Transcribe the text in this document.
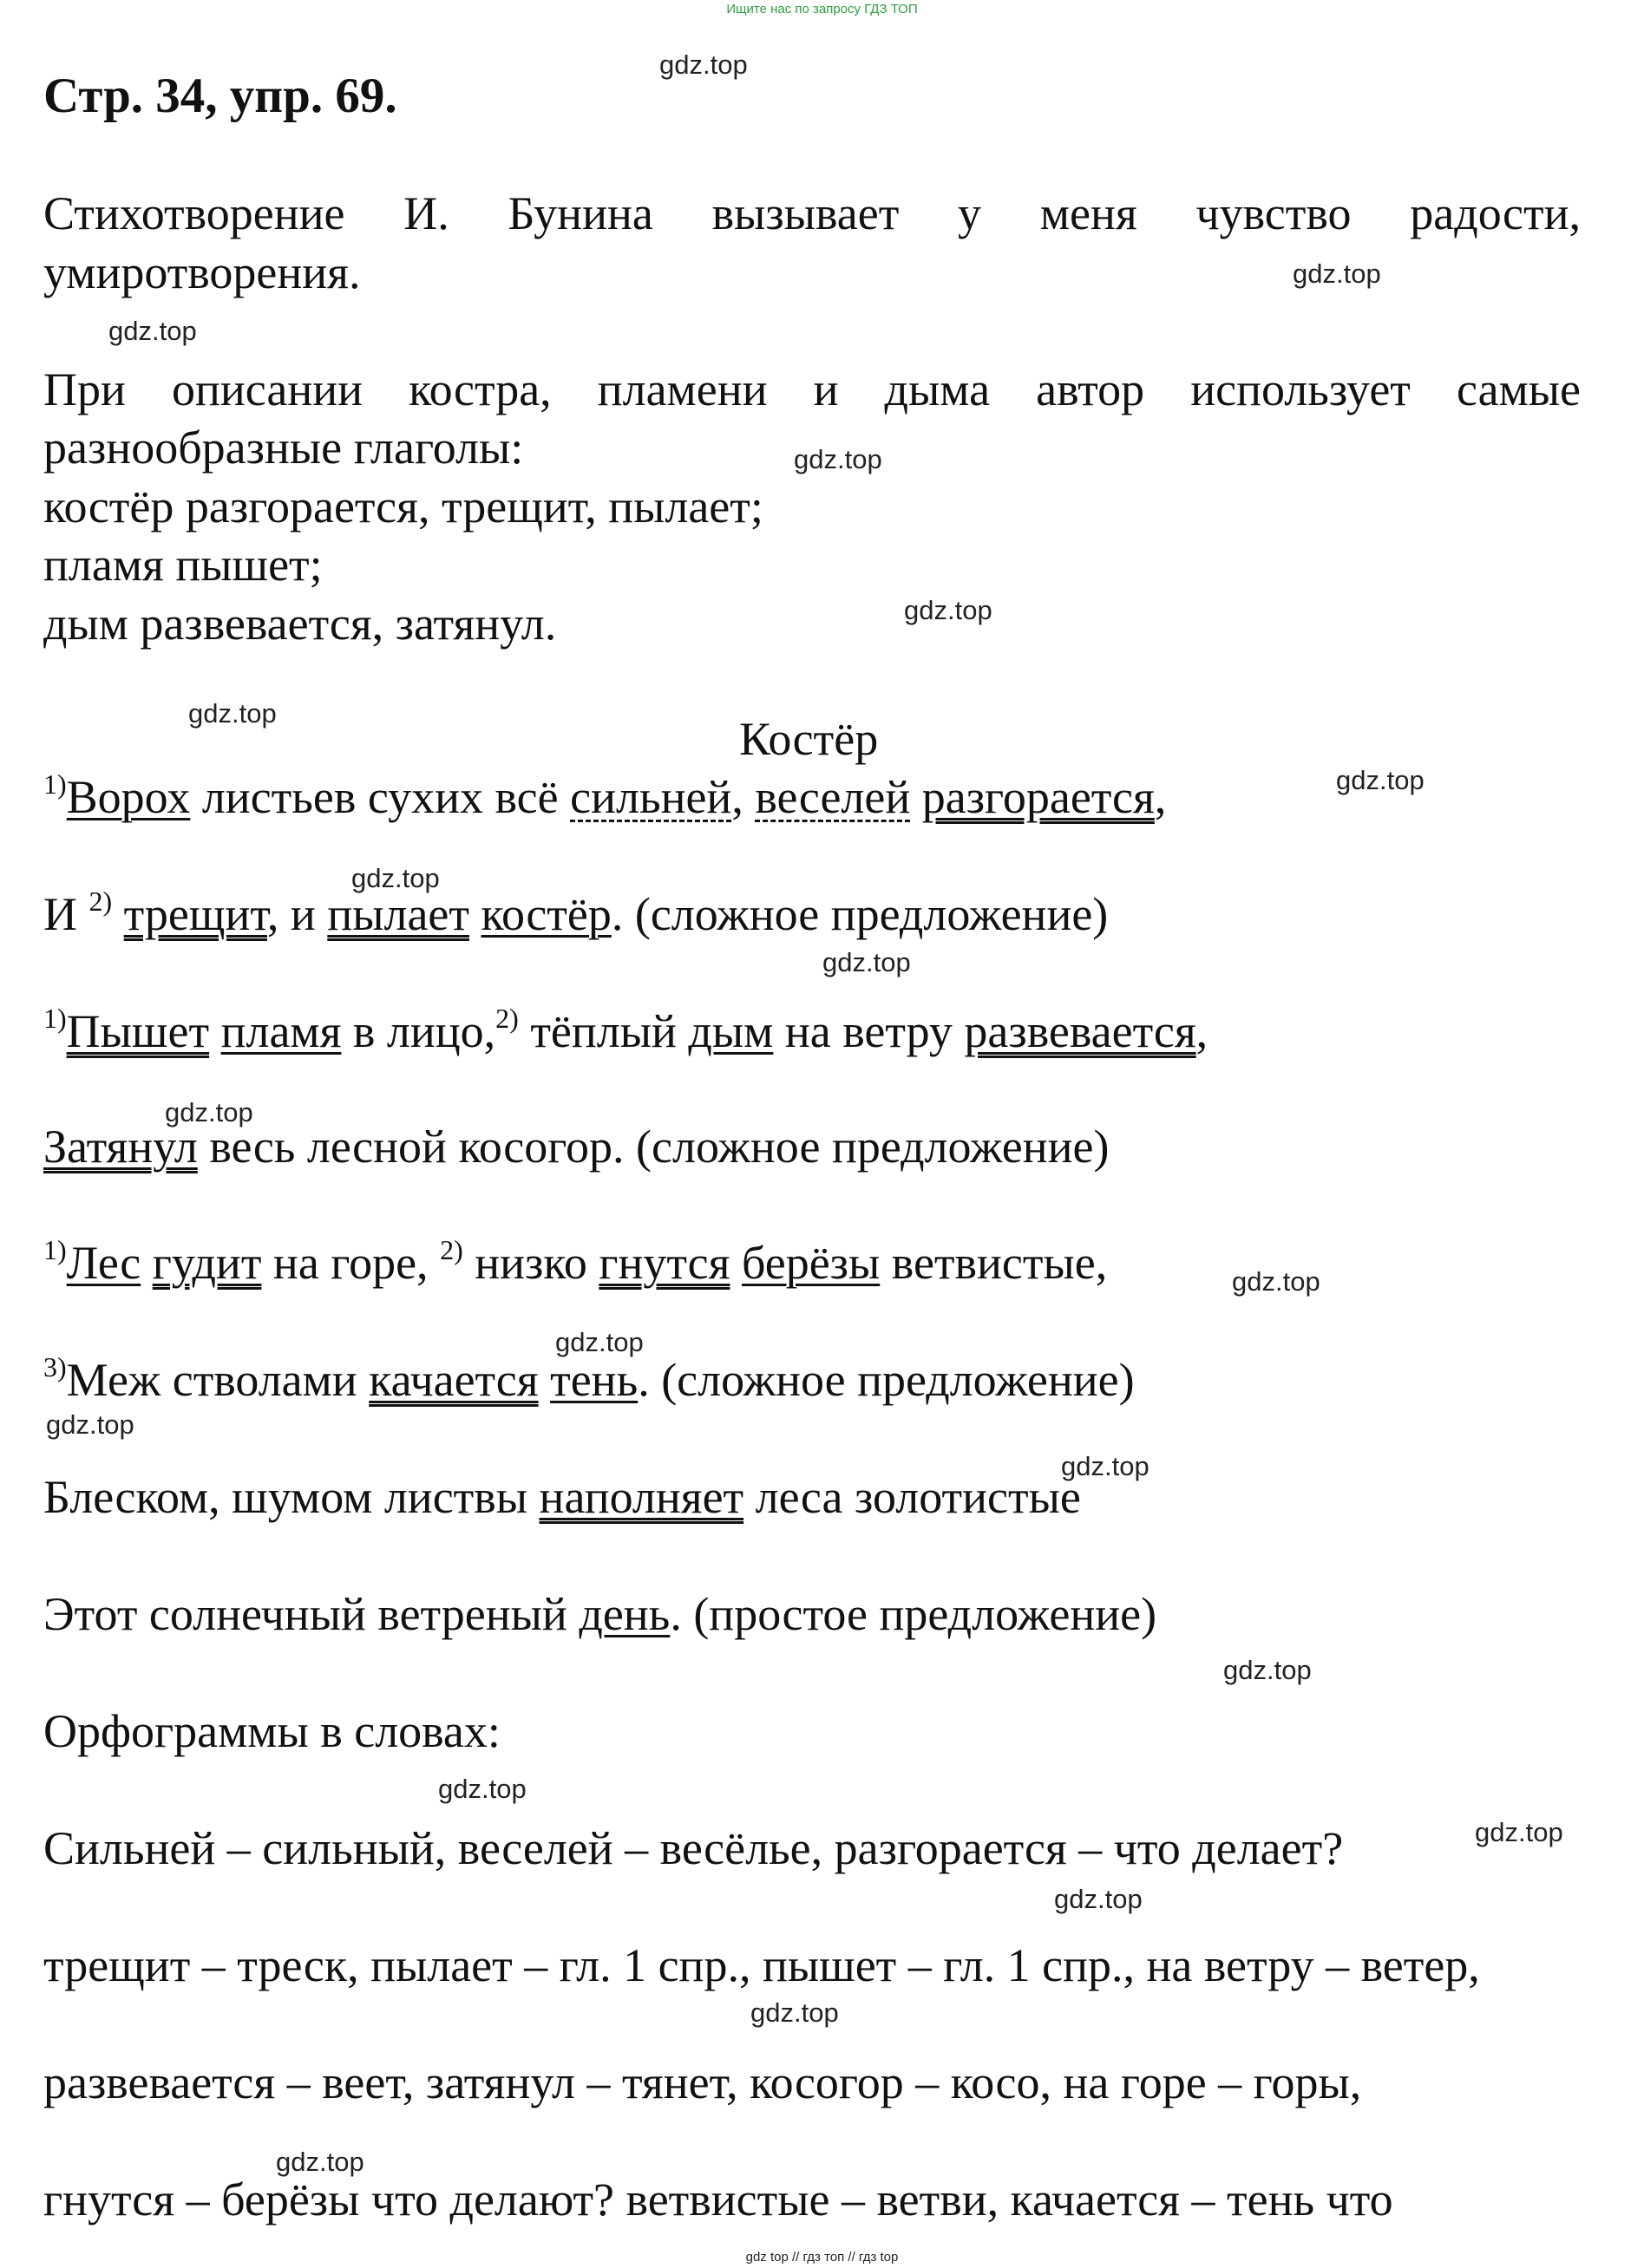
Ищите нас по запросу ГДЗ ТОП
gdz.top
gdz.top
gdz.top
gdz.top
gdz.top
gdz.top
gdz.top
gdz.top
gdz.top
gdz.top
gdz.top
gdz.top
gdz.top
gdz.top
gdz.top
gdz.top
gdz.top
gdz.top
gdz.top
gdz.top
Стр. 34, упр. 69.
Стихотворение И. Бунина вызывает у меня чувство радости,
умиротворения.
При описании костра, пламени и дыма автор использует самые
разнообразные глаголы:
костёр разгорается, трещит, пылает;
пламя пышет;
дым развевается, затянул.
Костёр
$^{1)}$Ворох листьев сухих всё сильней, веселей разгорается,
И $^{2)}$ трещит, и пылает костёр. (сложное предложение)
$^{1)}$Пышет пламя в лицо,$^{2)}$ тёплый дым на ветру развевается,
Затянул весь лесной косогор. (сложное предложение)
$^{1)}$Лес гудит на горе, $^{2)}$ низко гнутся берёзы ветвистые,
$^{3)}$Меж стволами качается тень. (сложное предложение)
Блеском, шумом листвы наполняет леса золотистые
Этот солнечный ветреный день. (простое предложение)
Орфограммы в словах:
Сильней – сильный, веселей – весёлье, разгорается – что делает?
трещит – треск, пылает – гл. 1 спр., пышет – гл. 1 спр., на ветру – ветер,
развевается – веет, затянул – тянет, косогор – косо, на горе – горы,
гнутся – берёзы что делают? ветвистые – ветви, качается – тень что
gdz top // гдз топ // гдз top
